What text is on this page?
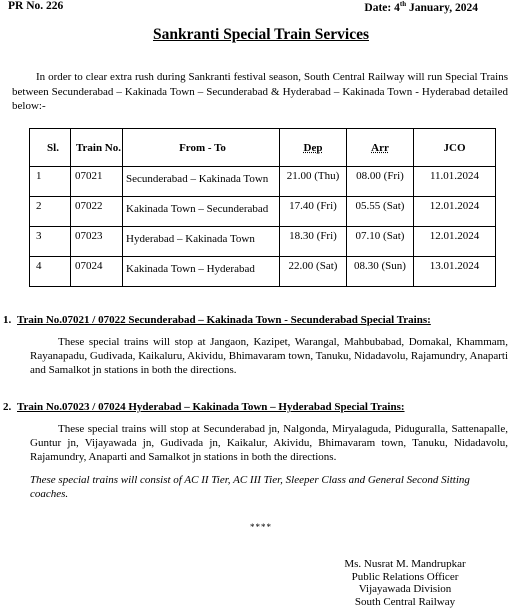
PR No. 226	Date: 4th January, 2024
Sankranti Special Train Services
In order to clear extra rush during Sankranti festival season, South Central Railway will run Special Trains between Secunderabad – Kakinada Town – Secunderabad & Hyderabad – Kakinada Town - Hyderabad detailed below:-
Sl.	Train No.	From - To	Dep	Arr	JCO
1	07021	Secunderabad – Kakinada Town	21.00 (Thu)	08.00 (Fri)	11.01.2024
2	07022	Kakinada Town – Secunderabad	17.40 (Fri)	05.55 (Sat)	12.01.2024
3	07023	Hyderabad – Kakinada Town	18.30 (Fri)	07.10 (Sat)	12.01.2024
4	07024	Kakinada Town – Hyderabad	22.00 (Sat)	08.30 (Sun)	13.01.2024
1. Train No.07021 / 07022 Secunderabad – Kakinada Town - Secunderabad Special Trains:
These special trains will stop at Jangaon, Kazipet, Warangal, Mahbubabad, Domakal, Khammam, Rayanapadu, Gudivada, Kaikaluru, Akividu, Bhimavaram town, Tanuku, Nidadavolu, Rajamundry, Anaparti and Samalkot jn stations in both the directions.
2. Train No.07023 / 07024 Hyderabad – Kakinada Town – Hyderabad Special Trains:
These special trains will stop at Secunderabad jn, Nalgonda, Miryalaguda, Piduguralla, Sattenapalle, Guntur jn, Vijayawada jn, Gudivada jn, Kaikalur, Akividu, Bhimavaram town, Tanuku, Nidadavolu, Rajamundry, Anaparti and Samalkot jn stations in both the directions.
These special trains will consist of AC II Tier, AC III Tier, Sleeper Class and General Second Sitting coaches.
****
Ms. Nusrat M. Mandrupkar
Public Relations Officer
Vijayawada Division
South Central Railway
